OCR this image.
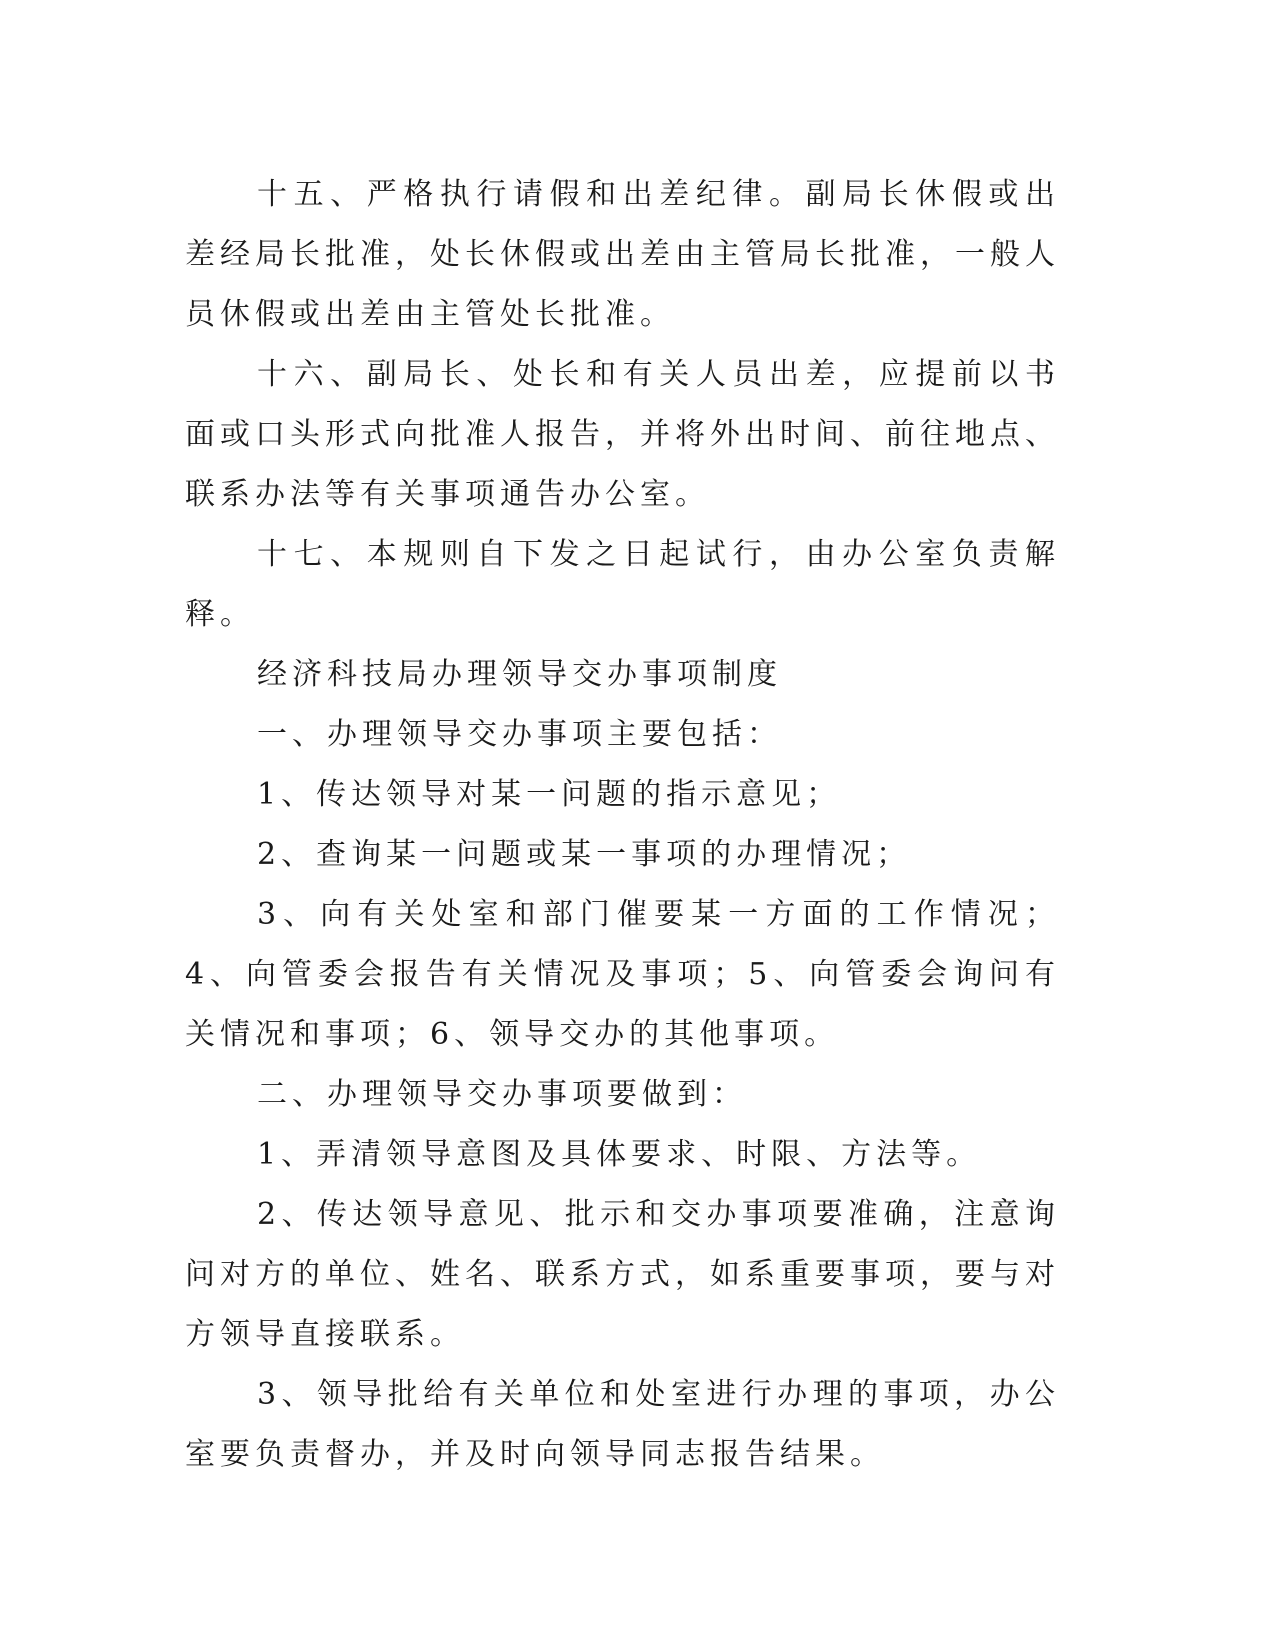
十五、严格执行请假和出差纪律。副局长休假或出差经局长批准，处长休假或出差由主管局长批准，一般人员休假或出差由主管处长批准。

十六、副局长、处长和有关人员出差，应提前以书面或口头形式向批准人报告，并将外出时间、前往地点、联系办法等有关事项通告办公室。

十七、本规则自下发之日起试行，由办公室负责解释。

经济科技局办理领导交办事项制度

一、办理领导交办事项主要包括：

1、传达领导对某一问题的指示意见；

2、查询某一问题或某一事项的办理情况；

3、向有关处室和部门催要某一方面的工作情况；4、向管委会报告有关情况及事项；5、向管委会询问有关情况和事项；6、领导交办的其他事项。

二、办理领导交办事项要做到：

1、弄清领导意图及具体要求、时限、方法等。

2、传达领导意见、批示和交办事项要准确，注意询问对方的单位、姓名、联系方式，如系重要事项，要与对方领导直接联系。

3、领导批给有关单位和处室进行办理的事项，办公室要负责督办，并及时向领导同志报告结果。
